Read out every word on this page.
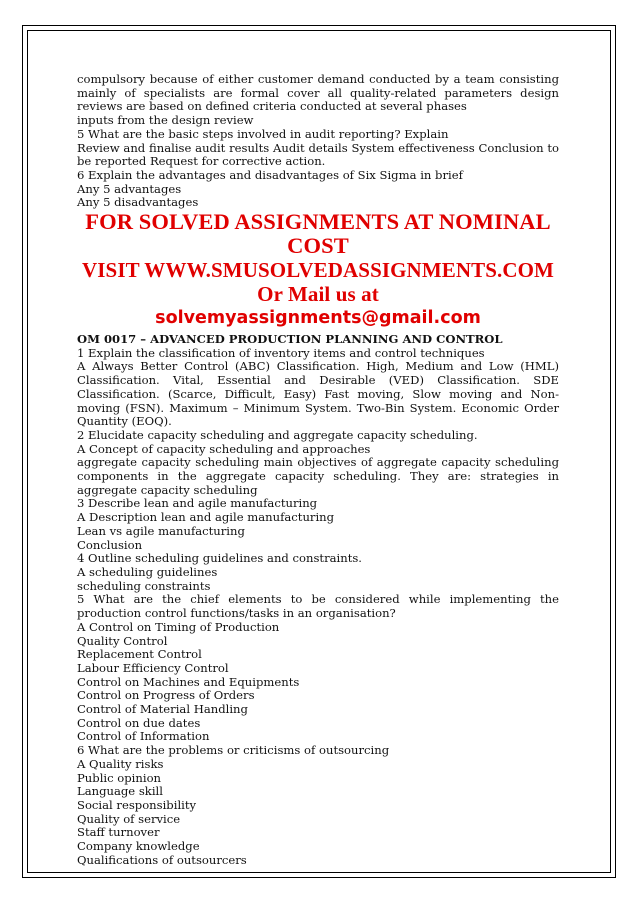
compulsory because of either customer demand conducted by a team consisting mainly of specialists are formal cover all quality-related parameters design reviews are based on defined criteria conducted at several phases

inputs from the design review

5 What are the basic steps involved in audit reporting? Explain

Review and finalise audit results Audit details System effectiveness Conclusion to be reported Request for corrective action.

6 Explain the advantages and disadvantages of Six Sigma in brief

Any 5 advantages

Any 5 disadvantages

FOR SOLVED ASSIGNMENTS AT NOMINAL COST
VISIT WWW.SMUSOLVEDASSIGNMENTS.COM
Or Mail us at
solvemyassignments@gmail.com

OM 0017 – ADVANCED PRODUCTION PLANNING AND CONTROL

1 Explain the classification of inventory items and control techniques

A Always Better Control (ABC) Classification. High, Medium and Low (HML) Classification. Vital, Essential and Desirable (VED) Classification. SDE Classification. (Scarce, Difficult, Easy) Fast moving, Slow moving and Non-moving (FSN). Maximum – Minimum System. Two-Bin System. Economic Order Quantity (EOQ).

2 Elucidate capacity scheduling and aggregate capacity scheduling.

A Concept of capacity scheduling and approaches

aggregate capacity scheduling main objectives of aggregate capacity scheduling components in the aggregate capacity scheduling. They are: strategies in aggregate capacity scheduling

3 Describe lean and agile manufacturing

A Description lean and agile manufacturing

Lean vs agile manufacturing

Conclusion

4 Outline scheduling guidelines and constraints.

A scheduling guidelines

scheduling constraints

5 What are the chief elements to be considered while implementing the production control functions/tasks in an organisation?

A Control on Timing of Production

Quality Control

Replacement Control

Labour Efficiency Control

Control on Machines and Equipments

Control on Progress of Orders

Control of Material Handling

Control on due dates

Control of Information

6 What are the problems or criticisms of outsourcing

A Quality risks

Public opinion

Language skill

Social responsibility

Quality of service

Staff turnover

Company knowledge

Qualifications of outsourcers
